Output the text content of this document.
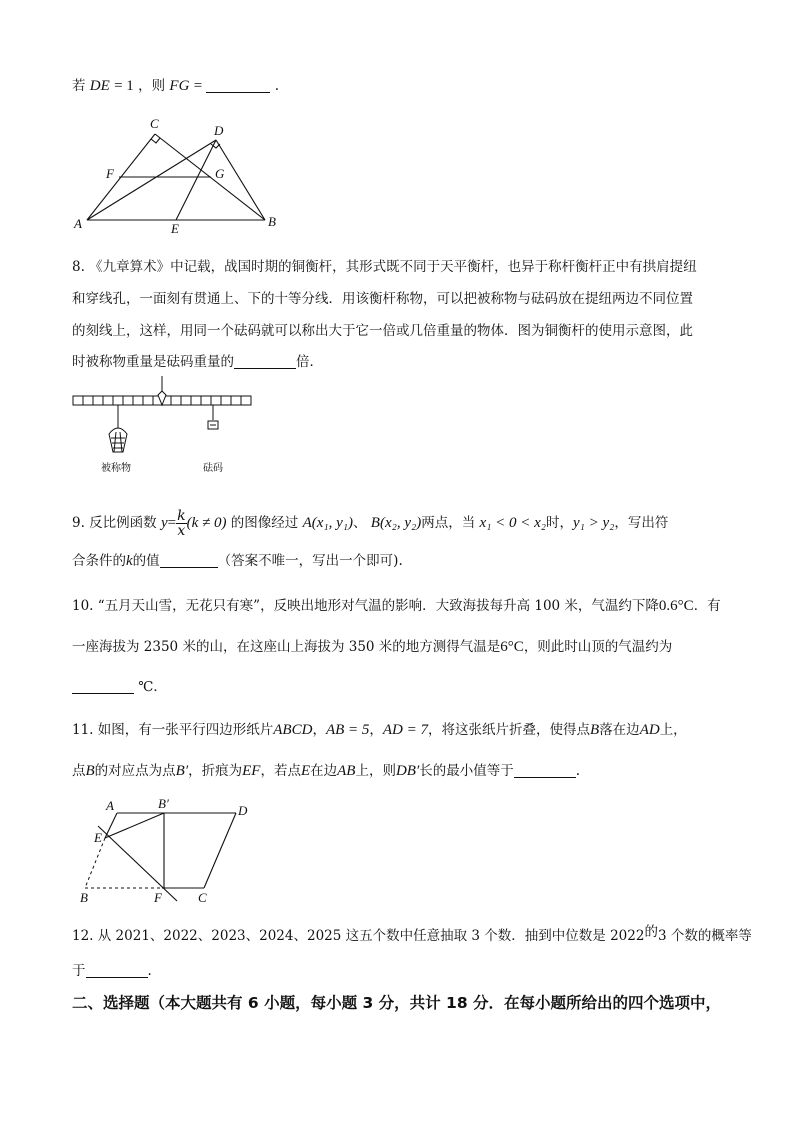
若 DE = 1 ，则 FG =	.
A	B
C	D
E
F	G
8. 《九章算术》中记载，战国时期的铜衡杆，其形式既不同于天平衡杆，也异于称杆衡杆正中有拱肩提纽
和穿线孔，一面刻有贯通上、下的十等分线．用该衡杆称物，可以把被称物与砝码放在提纽两边不同位置
的刻线上，这样，用同一个砝码就可以称出大于它一倍或几倍重量的物体．图为铜衡杆的使用示意图，此
时被称物重量是砝码重量的	倍．
被称物	砝码
9. 反比例函数 $y= \frac{k}{x} (k \ne 0)$ 的图像经过 A(x₁, y₁)、 B(x₂, y₂)两点，当 x₁ < 0 < x₂时，y₁ > y₂，写出符
合条件的k的值	（答案不唯一，写出一个即可).
10. “五月天山雪，无花只有寒”，反映出地形对气温的影响．大致海拔每升高 100 米，气温约下降0.6°C．有
一座海拔为 2350 米的山，在这座山上海拔为 350 米的地方测得气温是6°C，则此时山顶的气温约为
℃．
11. 如图，有一张平行四边形纸片ABCD，AB = 5，AD = 7，将这张纸片折叠，使得点B落在边AD上，
点B的对应点为点B′，折痕为EF，若点E在边AB上，则DB′长的最小值等于	.
A	B′	D
E
B	F	C
12. 从 2021、2022、2023、2024、2025 这五个数中任意抽取 3 个数．抽到中位数是 2022的3 个数的概率等
于	.
二、选择题（本大题共有 6 小题，每小题 3 分，共计 18 分．在每小题所给出的四个选项中，
